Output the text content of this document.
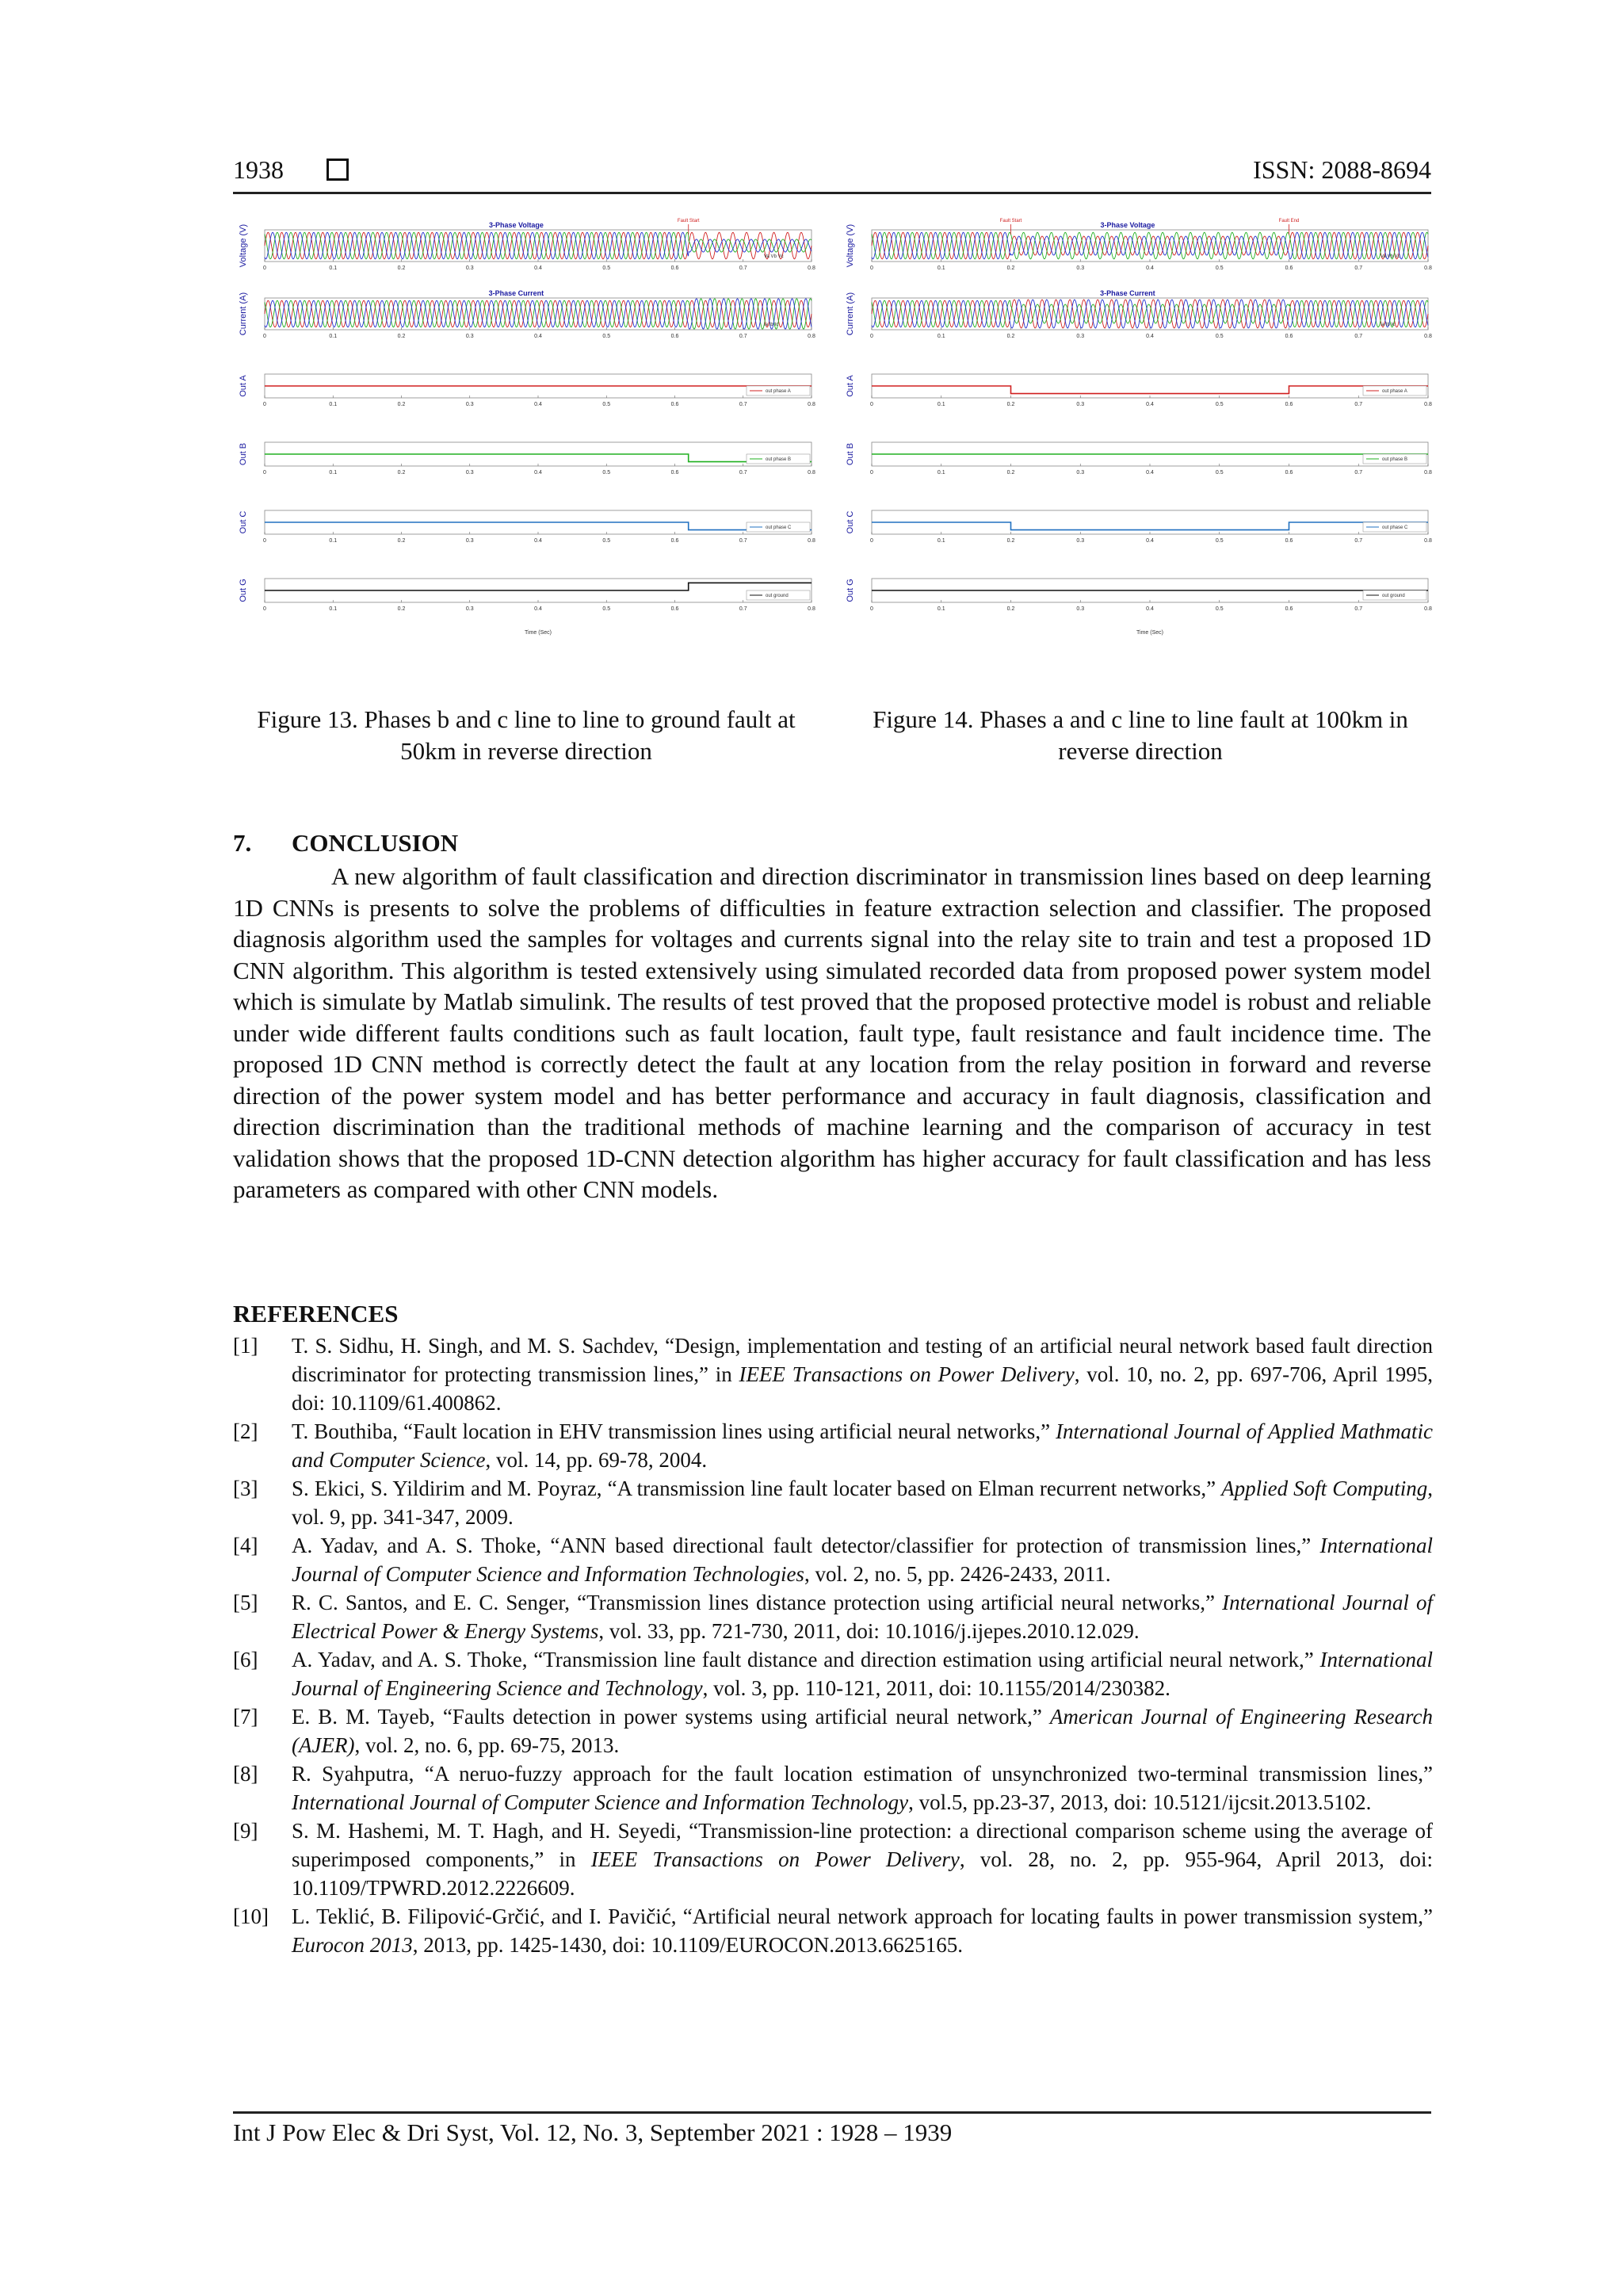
1938	ISSN: 2088-8694
0	0.1	0.2	0.3	0.4	0.5	0.6	0.7	0.8
Voltage (V)	3-Phase Voltage
Va Vb Vc
Fault Start
0	0.1	0.2	0.3	0.4	0.5	0.6	0.7	0.8
Current (A)	3-Phase Current
Ia Ib Ic
0	0.1	0.2	0.3	0.4	0.5	0.6	0.7	0.8
Out A	out phase A
0	0.1	0.2	0.3	0.4	0.5	0.6	0.7	0.8
Out B	out phase B
0	0.1	0.2	0.3	0.4	0.5	0.6	0.7	0.8
Out C	out phase C
0	0.1	0.2	0.3	0.4	0.5	0.6	0.7	0.8
Out G	out ground
Time (Sec)
0	0.1	0.2	0.3	0.4	0.5	0.6	0.7	0.8
Voltage (V)	3-Phase Voltage
Va Vb Vc
Fault Start	Fault End
0	0.1	0.2	0.3	0.4	0.5	0.6	0.7	0.8
Current (A)	3-Phase Current
Ia Ib Ic
0	0.1	0.2	0.3	0.4	0.5	0.6	0.7	0.8
Out A	out phase A
0	0.1	0.2	0.3	0.4	0.5	0.6	0.7	0.8
Out B	out phase B
0	0.1	0.2	0.3	0.4	0.5	0.6	0.7	0.8
Out C	out phase C
0	0.1	0.2	0.3	0.4	0.5	0.6	0.7	0.8
Out G	out ground
Time (Sec)
Figure 13. Phases b and c line to line to ground fault at 50km in reverse direction
Figure 14. Phases a and c line to line fault at 100km in reverse direction
7. CONCLUSION

A new algorithm of fault classification and direction discriminator in transmission lines based on deep learning 1D CNNs is presents to solve the problems of difficulties in feature extraction selection and classifier. The proposed diagnosis algorithm used the samples for voltages and currents signal into the relay site to train and test a proposed 1D CNN algorithm. This algorithm is tested extensively using simulated recorded data from proposed power system model which is simulate by Matlab simulink. The results of test proved that the proposed protective model is robust and reliable under wide different faults conditions such as fault location, fault type, fault resistance and fault incidence time. The proposed 1D CNN method is correctly detect the fault at any location from the relay position in forward and reverse direction of the power system model and has better performance and accuracy in fault diagnosis, classification and direction discrimination than the traditional methods of machine learning and the comparison of accuracy in test validation shows that the proposed 1D-CNN detection algorithm has higher accuracy for fault classification and has less parameters as compared with other CNN models.

REFERENCES
[1]	T. S. Sidhu, H. Singh, and M. S. Sachdev, “Design, implementation and testing of an artificial neural network based fault direction discriminator for protecting transmission lines,” in IEEE Transactions on Power Delivery, vol. 10, no. 2, pp. 697-706, April 1995, doi: 10.1109/61.400862.
[2]	T. Bouthiba, “Fault location in EHV transmission lines using artificial neural networks,” International Journal of Applied Mathmatic and Computer Science, vol. 14, pp. 69-78, 2004.
[3]	S. Ekici, S. Yildirim and M. Poyraz, “A transmission line fault locater based on Elman recurrent networks,” Applied Soft Computing, vol. 9, pp. 341-347, 2009.
[4]	A. Yadav, and A. S. Thoke, “ANN based directional fault detector/classifier for protection of transmission lines,” International Journal of Computer Science and Information Technologies, vol. 2, no. 5, pp. 2426-2433, 2011.
[5]	R. C. Santos, and E. C. Senger, “Transmission lines distance protection using artificial neural networks,” International Journal of Electrical Power & Energy Systems, vol. 33, pp. 721-730, 2011, doi: 10.1016/j.ijepes.2010.12.029.
[6]	A. Yadav, and A. S. Thoke, “Transmission line fault distance and direction estimation using artificial neural network,” International Journal of Engineering Science and Technology, vol. 3, pp. 110-121, 2011, doi: 10.1155/2014/230382.
[7]	E. B. M. Tayeb, “Faults detection in power systems using artificial neural network,” American Journal of Engineering Research (AJER), vol. 2, no. 6, pp. 69-75, 2013.
[8]	R. Syahputra, “A neruo-fuzzy approach for the fault location estimation of unsynchronized two-terminal transmission lines,” International Journal of Computer Science and Information Technology, vol.5, pp.23-37, 2013, doi: 10.5121/ijcsit.2013.5102.
[9]	S. M. Hashemi, M. T. Hagh, and H. Seyedi, “Transmission-line protection: a directional comparison scheme using the average of superimposed components,” in IEEE Transactions on Power Delivery, vol. 28, no. 2, pp. 955-964, April 2013, doi: 10.1109/TPWRD.2012.2226609.
[10]	L. Teklić, B. Filipović-Grčić, and I. Pavičić, “Artificial neural network approach for locating faults in power transmission system,” Eurocon 2013, 2013, pp. 1425-1430, doi: 10.1109/EUROCON.2013.6625165.
Int J Pow Elec & Dri Syst, Vol. 12, No. 3, September 2021 : 1928 – 1939
